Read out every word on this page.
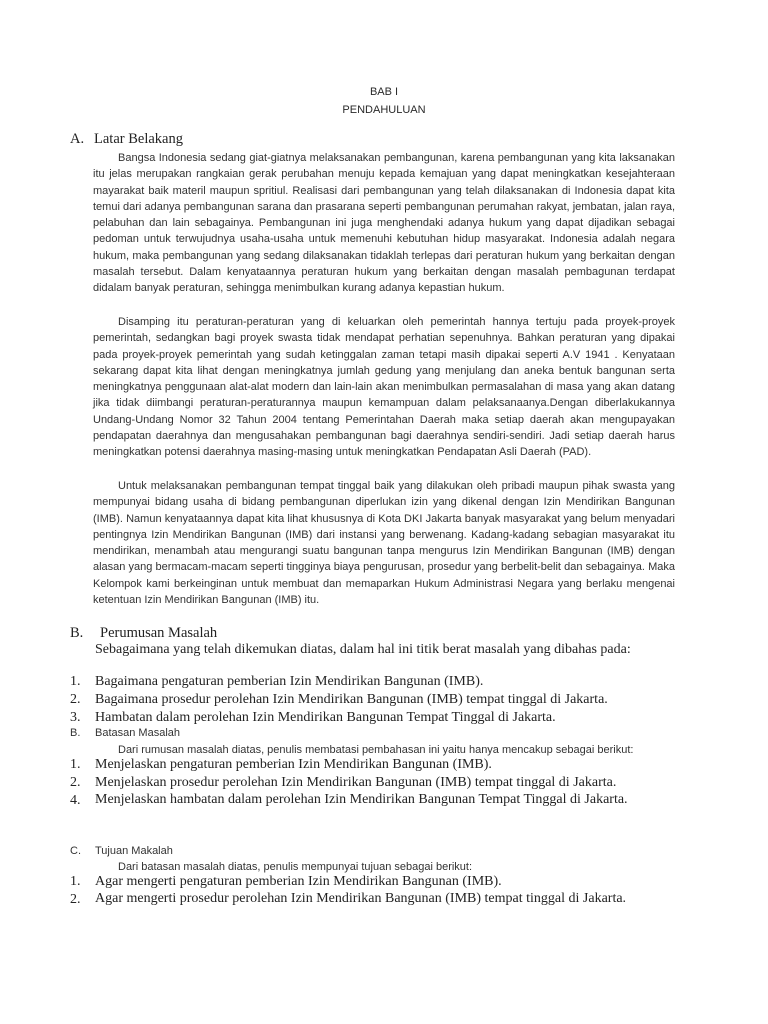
BAB I
PENDAHULUAN
A. Latar Belakang

Bangsa Indonesia sedang giat-giatnya melaksanakan pembangunan, karena pembangunan yang kita laksanakan itu jelas merupakan rangkaian gerak perubahan menuju kepada kemajuan yang dapat meningkatkan kesejahteraan mayarakat baik materil maupun spritiul. Realisasi dari pembangunan yang telah dilaksanakan di Indonesia dapat kita temui dari adanya pembangunan sarana dan prasarana seperti pembangunan perumahan rakyat, jembatan, jalan raya, pelabuhan dan lain sebagainya. Pembangunan ini juga menghendaki adanya hukum yang dapat dijadikan sebagai pedoman untuk terwujudnya usaha-usaha untuk memenuhi kebutuhan hidup masyarakat. Indonesia adalah negara hukum, maka pembangunan yang sedang dilaksanakan tidaklah terlepas dari peraturan hukum yang berkaitan dengan masalah tersebut. Dalam kenyataannya peraturan hukum yang berkaitan dengan masalah pembagunan terdapat didalam banyak peraturan, sehingga menimbulkan kurang adanya kepastian hukum.

Disamping itu peraturan-peraturan yang di keluarkan oleh pemerintah hannya tertuju pada proyek-proyek pemerintah, sedangkan bagi proyek swasta tidak mendapat perhatian sepenuhnya. Bahkan peraturan yang dipakai pada proyek-proyek pemerintah yang sudah ketinggalan zaman tetapi masih dipakai seperti A.V 1941 . Kenyataan sekarang dapat kita lihat dengan meningkatnya jumlah gedung yang menjulang dan aneka bentuk bangunan serta meningkatnya penggunaan alat-alat modern dan lain-lain akan menimbulkan permasalahan di masa yang akan datang jika tidak diimbangi peraturan-peraturannya maupun kemampuan dalam pelaksanaanya.Dengan diberlakukannya Undang-Undang Nomor 32 Tahun 2004 tentang Pemerintahan Daerah maka setiap daerah akan mengupayakan pendapatan daerahnya dan mengusahakan pembangunan bagi daerahnya sendiri-sendiri. Jadi setiap daerah harus meningkatkan potensi daerahnya masing-masing untuk meningkatkan Pendapatan Asli Daerah (PAD).

Untuk melaksanakan pembangunan tempat tinggal baik yang dilakukan oleh pribadi maupun pihak swasta yang mempunyai bidang usaha di bidang pembangunan diperlukan izin yang dikenal dengan Izin Mendirikan Bangunan (IMB). Namun kenyataannya dapat kita lihat khususnya di Kota DKI Jakarta banyak masyarakat yang belum menyadari pentingnya Izin Mendirikan Bangunan (IMB) dari instansi yang berwenang. Kadang-kadang sebagian masyarakat itu mendirikan, menambah atau mengurangi suatu bangunan tanpa mengurus Izin Mendirikan Bangunan (IMB) dengan alasan yang bermacam-macam seperti tingginya biaya pengurusan, prosedur yang berbelit-belit dan sebagainya. Maka Kelompok kami berkeinginan untuk membuat dan memaparkan Hukum Administrasi Negara yang berlaku mengenai ketentuan Izin Mendirikan Bangunan (IMB) itu.

B. Perumusan Masalah

Sebagaimana yang telah dikemukan diatas, dalam hal ini titik berat masalah yang dibahas pada:

1.	Bagaimana pengaturan pemberian Izin Mendirikan Bangunan (IMB).
2.	Bagaimana prosedur perolehan Izin Mendirikan Bangunan (IMB) tempat tinggal di Jakarta.
3.	Hambatan dalam perolehan Izin Mendirikan Bangunan Tempat Tinggal di Jakarta.
B. Batasan Masalah
Dari rumusan masalah diatas, penulis membatasi pembahasan ini yaitu hanya mencakup sebagai berikut:
1.	Menjelaskan pengaturan pemberian Izin Mendirikan Bangunan (IMB).
2.	Menjelaskan prosedur perolehan Izin Mendirikan Bangunan (IMB) tempat tinggal di Jakarta.
4.	Menjelaskan hambatan dalam perolehan Izin Mendirikan Bangunan Tempat Tinggal di Jakarta.
C. Tujuan Makalah
Dari batasan masalah diatas, penulis mempunyai tujuan sebagai berikut:
1.	Agar mengerti pengaturan pemberian Izin Mendirikan Bangunan (IMB).
2.	Agar mengerti prosedur perolehan Izin Mendirikan Bangunan (IMB) tempat tinggal di Jakarta.
